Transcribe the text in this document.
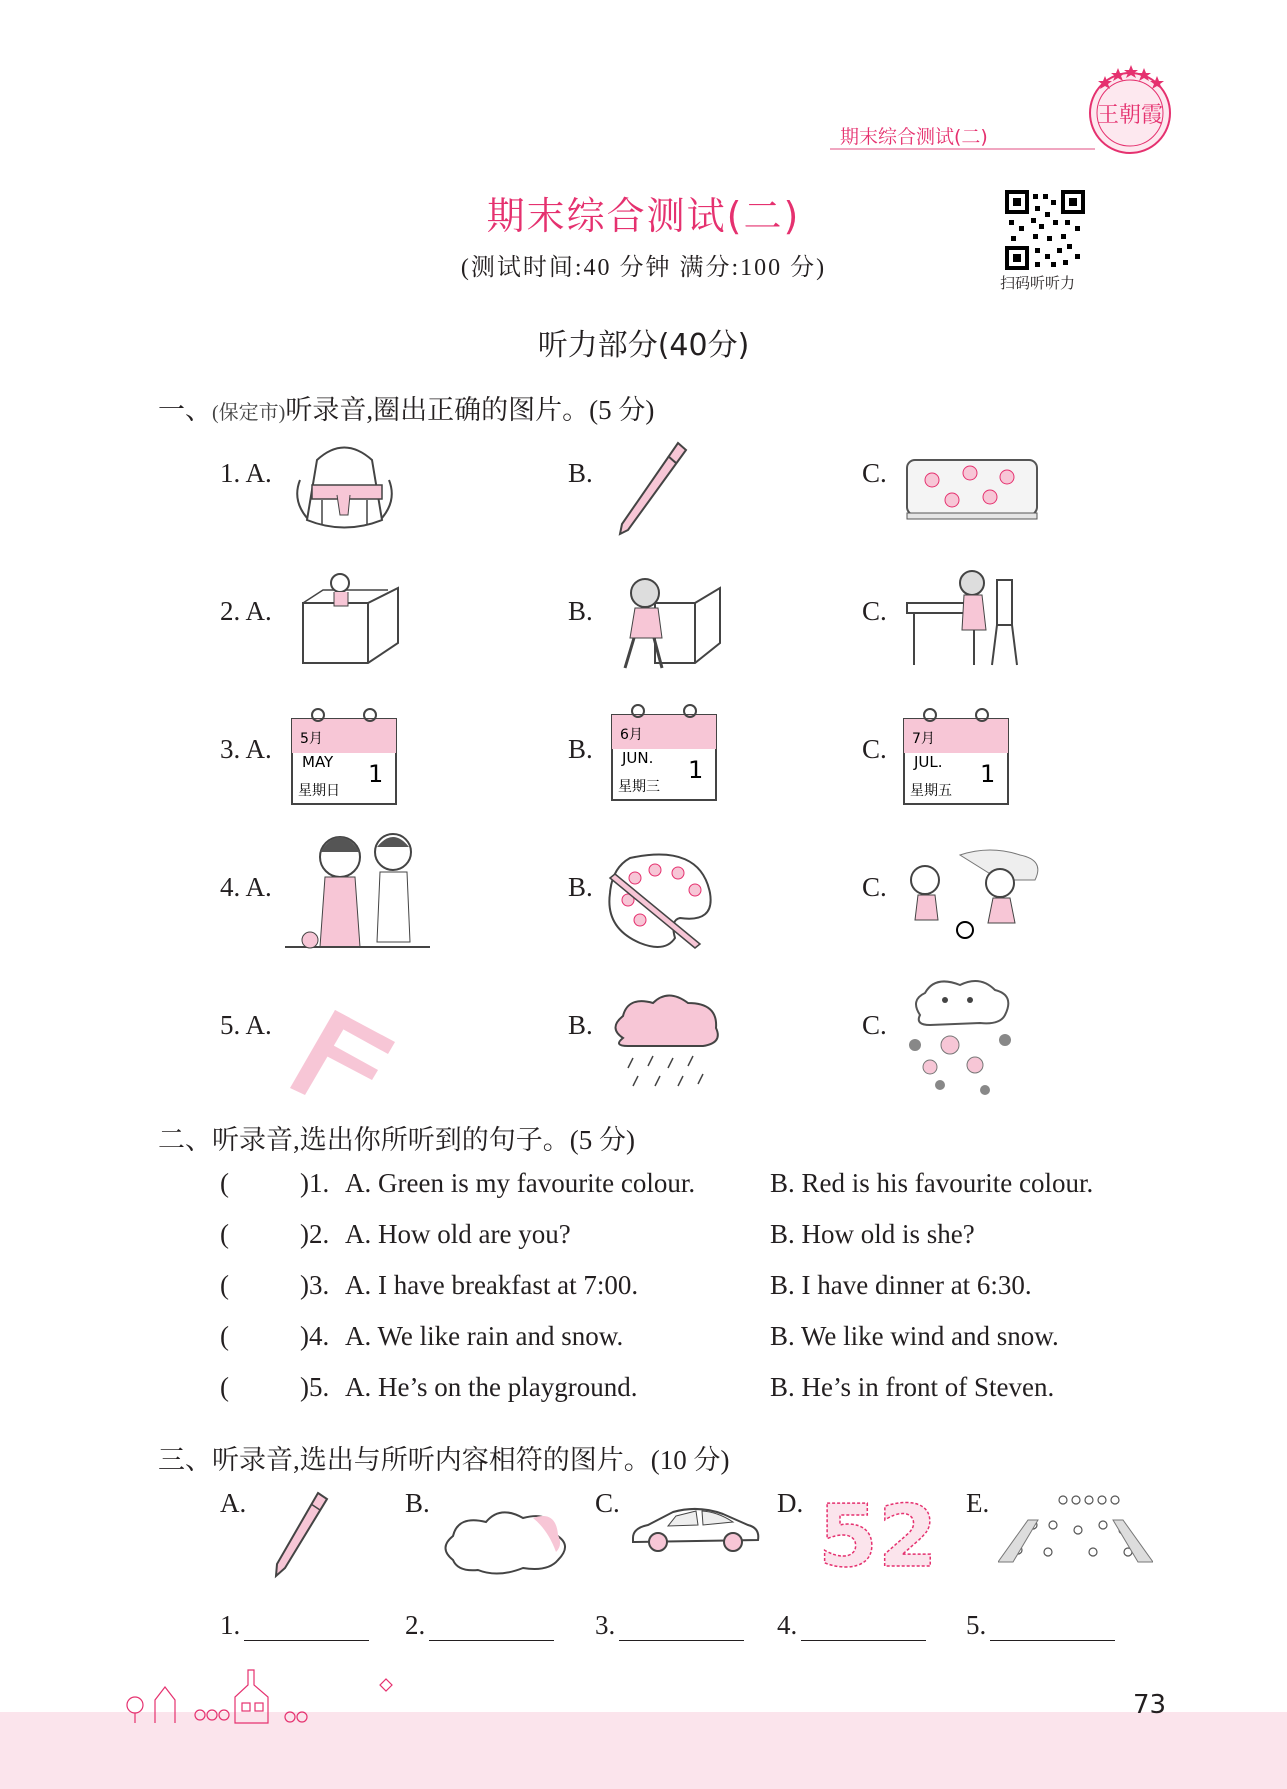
期末综合测试(二)
王朝霞
期末综合测试(二)
(测试时间:40 分钟 满分:100 分)
扫码听听力
听力部分(40分)
一、(保定市)听录音,圈出正确的图片。(5 分)
1. A.	B.	C.
2. A.	B.	C.
3. A.	B.	C.
4. A.	B.	C.
5. A.	B.	C.
5月
MAY 1
星期日
6月
JUN. 1
星期三
7月
JUL. 1
星期五
二、听录音,选出你所听到的句子。(5 分)
(	)1. A. Green is my favourite colour.	B. Red is his favourite colour.
(	)2. A. How old are you?	B. How old is she?
(	)3. A. I have breakfast at 7:00.	B. I have dinner at 6:30.
(	)4. A. We like rain and snow.	B. We like wind and snow.
(	)5. A. He’s on the playground.	B. He’s in front of Steven.
三、听录音,选出与所听内容相符的图片。(10 分)
A.	B.	C.	D. 52 E.
1.	2.	3.	4.	5.
73
